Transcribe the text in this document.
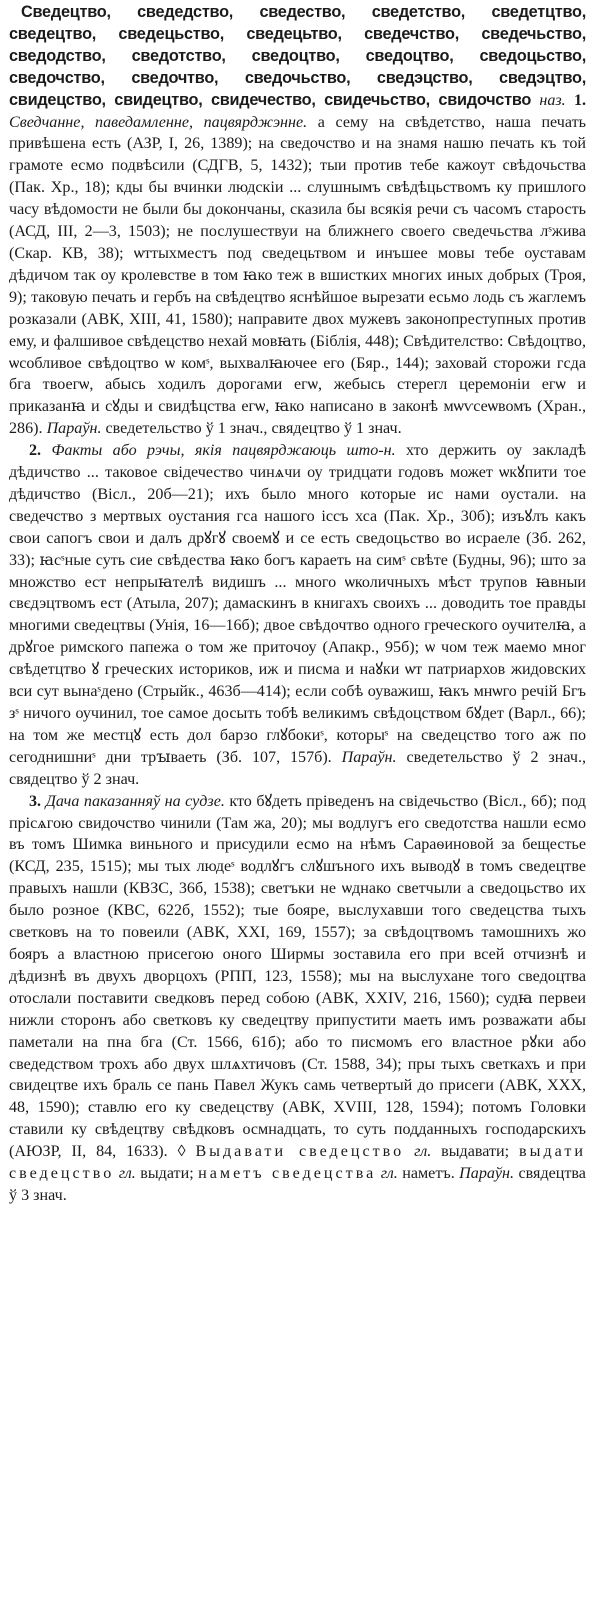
Сведецтво, сведедство, сведество, сведетство, сведетцтво, сведецтво, сведецьство, сведецьтво, сведечство, сведечьство, сведодство, сведотство, сведоцтво, сведоцтво, сведоцьство, сведочство, сведочтво, сведочьство, сведэцство, сведэцтво, свидецство, свидецтво, свидечество, свидечьство, свидочство наз. 1. Сведчанне, паведамленне, пацвярджэнне. а сему на свѣдетство, наша печать привѣшена есть (АЗР, I, 26, 1389); на сведочство и на знамя нашю печать къ той грамоте есмо подвѣсили (СДГВ, 5, 1432); тыи против тебе кажоут свѣдочьства (Пак. Хр., 18); кды бы вчинки людскіи ... слушнымъ свѣдѣцьствомъ ку пришлого часу вѣдомости не были бы докончаны, сказила бы всякія речи съ часомъ старость (АСД, III, 2—3, 1503); не послушеcтвуи на ближнего своего сведечьства лˢжива (Скар. КВ, 38); ѡттыхместъ под сведецьтвом и инъшее мовы тебе оуставам дѣдичом так оу кролевстве в том ꙗко теж в вшистких многих иных добрых (Троя, 9); таковую печать и гербъ на свѣдецтво яснѣйшое вырезати есьмо лодь съ жаглемъ розказали (АВК, XIII, 41, 1580); направите двох мужевъ законопреступных против ему, и фалшивое свѣдецство нехай мовꙗть (Біблія, 448); Свѣдителство: Свѣдоцтво, ѡсобливое свѣдоцтво ѡ комˢ, выхвалꙗючее его (Бяр., 144); заховай сторожи гсда бга твоегѡ, абысь ходилъ дорогами егѡ, жебысь стерегл церемоніи егѡ и приказанꙗ и сꙋды и свидѣцства егѡ, ꙗко написано в законѣ мѡѵсеѡвомъ (Хран., 286). Параўн. сведетельство ў 1 знач., свядецтво ў 1 знач.

2. Факты або рэчы, якія пацвярджаюць што-н. хто держить оу закладѣ дѣдичство ... таковое свідечество чинѧчи оу тридцати годовъ может ѡкꙋпити тое дѣдичство (Вісл., 20б—21); ихъ было много которые ис нами оустали. на сведечство з мертвых оустания гса нашого іссъ хса (Пак. Хр., 30б); изъꙋлъ какъ свои сапогъ свои и далъ дрꙋгꙋ своемꙋ и се есть сведоцьство во исраеле (Зб. 262, 33); ꙗсˢные суть сие свѣдества ꙗко богъ караеть на симˢ свѣте (Будны, 96); што за множство ест непрыꙗтелѣ видишъ ... много ѡколичныхъ мѣст трупов ꙗвныи свєдэцтвомъ ест (Атыла, 207); дамаскинъ в книгахъ своихъ ... доводить тое правды многими сведецтвы (Унія, 16—16б); двое свѣдочтво одного греческого оучителꙗ, а дрꙋгое римского папежа о том же приточоу (Апакр., 95б); ѡ чом теж маемо мног свѣдетцтво ꙋ греческих историков, иж и писма и наꙋки ѡт патриархов жидовских вси сут вынаˢдено (Стрыйк., 463б—414); если собѣ оуважиш, ꙗкъ мнѡго речій Бгъ зˢ ничого оучинил, тое самое досыть тобѣ великимъ свѣдоцством бꙋдет (Варл., 66); на том же местцꙋ есть дол барзо глꙋбокиˢ, которыˢ на сведецство того аж по сегоднишниˢ дни трꙑваеть (Зб. 107, 157б). Параўн. сведетельство ў 2 знач., свядецтво ў 2 знач.

3. Дача паказанняў на судзе. кто бꙋдеть пріведенъ на свідечьство (Вісл., 6б); под прісѧгою свидочство чинили (Там жа, 20); мы водлугъ его сведотства нашли есмо въ томъ Шимка виньного и присудили есмо на нѣмъ Сараѳиновой за бещестье (КСД, 235, 1515); мы тых людеˢ водлꙋгъ слꙋшъного ихъ выводꙋ в томъ сведецтве правыхъ нашли (КВЗС, 36б, 1538); светъки не ѡднако светчыли а сведоцьство их было розное (КВС, 622б, 1552); тые бояре, выслухавши того сведецства тыхъ светковъ на то повеили (АВК, XXI, 169, 1557); за свѣдоцтвомъ тамошнихъ жо бояръ а властною присегою оного Ширмы зоставила его при всей отчизнѣ и дѣдизнѣ въ двухъ дворцохъ (РПП, 123, 1558); мы на выслухане того сведоцтва отослали поставити сведковъ перед собою (АВК, XXIV, 216, 1560); судꙗ первеи нижли сторонъ або светковъ ку сведецтву припустити маеть имъ розважати абы паметали на пна бга (Ст. 1566, 61б); або то писмомъ его властное рꙋки або сведедством трохъ або двух шлѧхтичовъ (Ст. 1588, 34); пры тыхъ светкахъ и при свидецтве ихъ браль се пань Павел Жукъ самь четвертый до присеги (АВК, XXX, 48, 1590); ставлю его ку сведецству (АВК, XVIII, 128, 1594); потомъ Головки ставили ку свѣдецтву свѣдковъ осмнадцать, то суть подданныхъ господарскихъ (АЮЗР, II, 84, 1633). ◊ Выдавати сведецство гл. выдавати; выдати сведецство гл. выдати; наметъ сведецства гл. наметъ. Параўн. свядецтва ў 3 знач.
